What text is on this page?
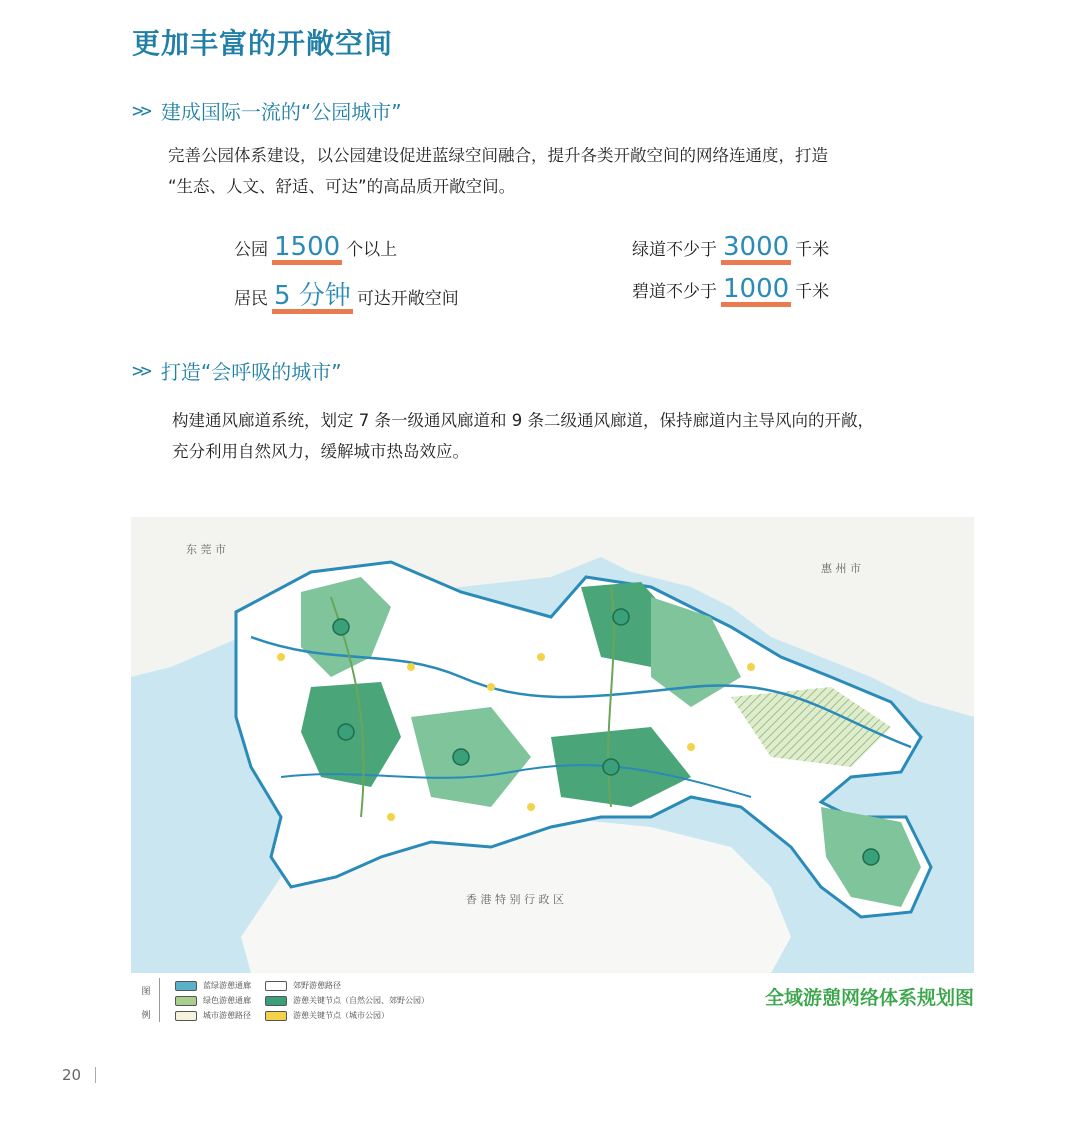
更加丰富的开敞空间
>> 建成国际一流的“公园城市”
完善公园体系建设，以公园建设促进蓝绿空间融合，提升各类开敞空间的网络连通度，打造
“生态、人文、舒适、可达”的高品质开敞空间。
公园 1500 个以上
居民 5 分钟 可达开敞空间
绿道不少于 3000 千米
碧道不少于 1000 千米
>> 打造“会呼吸的城市”
构建通风廊道系统，划定 7 条一级通风廊道和 9 条二级通风廊道，保持廊道内主导风向的开敞，
充分利用自然风力，缓解城市热岛效应。
东 莞 市
惠 州 市
香 港 特 别 行 政 区
图
例
蓝绿游憩通廊
绿色游憩通廊
城市游憩路径
郊野游憩路径
游憩关键节点（自然公园、郊野公园）
游憩关键节点（城市公园）
全域游憩网络体系规划图
20
